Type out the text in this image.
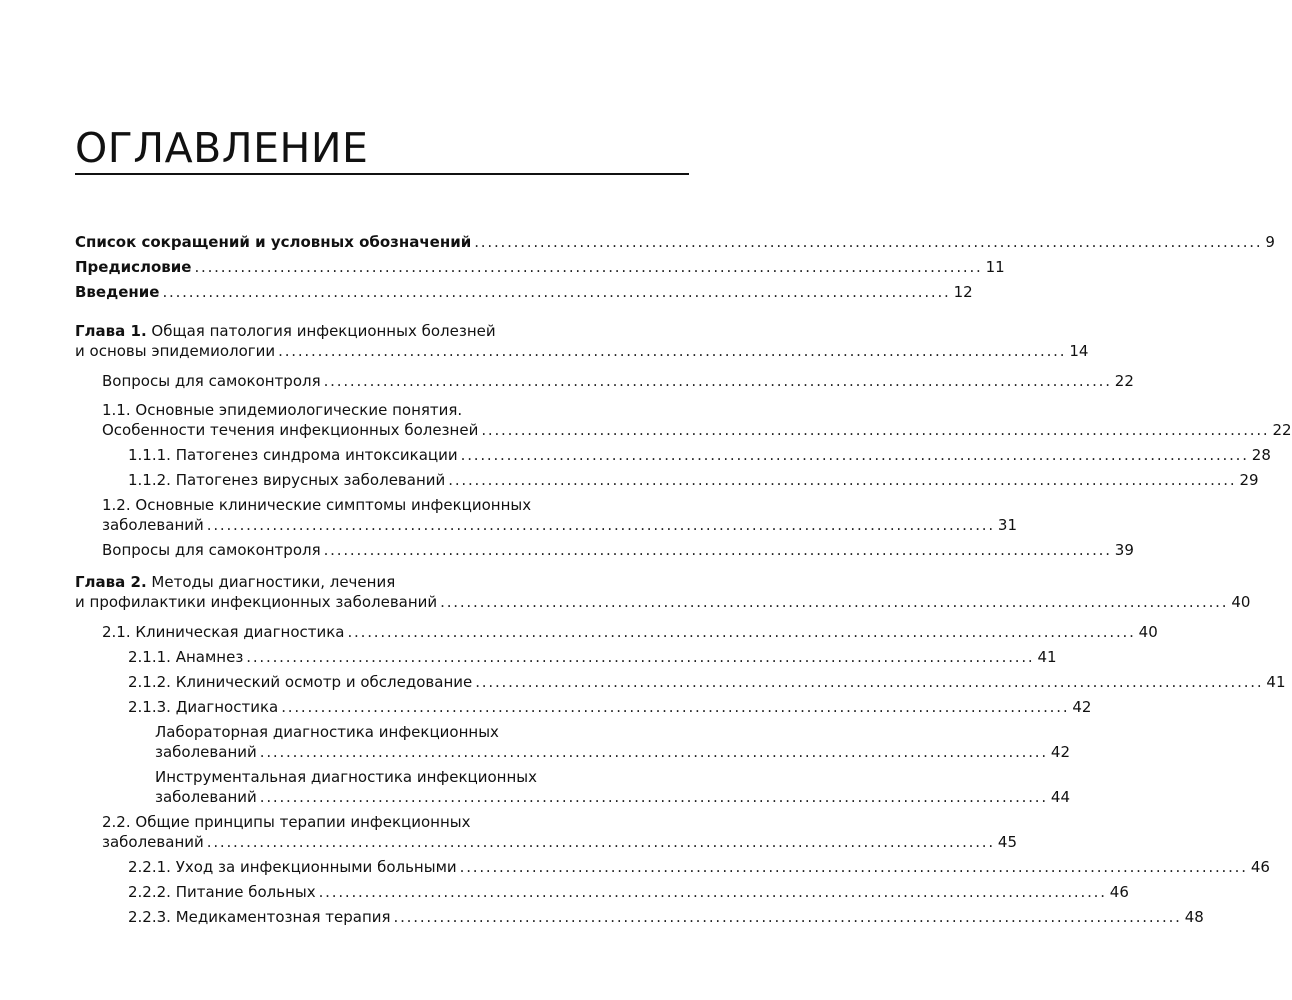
ОГЛАВЛЕНИЕ
Список сокращений и условных обозначений ........................................................................................................................ 9
Предисловие ........................................................................................................................ 11
Введение ........................................................................................................................ 12
Глава 1. Общая патология инфекционных болезней
и основы эпидемиологии ........................................................................................................................ 14
Вопросы для самоконтроля ........................................................................................................................ 22
1.1. Основные эпидемиологические понятия.
Особенности течения инфекционных болезней ........................................................................................................................ 22
1.1.1. Патогенез синдрома интоксикации ........................................................................................................................ 28
1.1.2. Патогенез вирусных заболеваний ........................................................................................................................ 29
1.2. Основные клинические симптомы инфекционных
заболеваний ........................................................................................................................ 31
Вопросы для самоконтроля ........................................................................................................................ 39
Глава 2. Методы диагностики, лечения
и профилактики инфекционных заболеваний ........................................................................................................................ 40
2.1. Клиническая диагностика ........................................................................................................................ 40
2.1.1. Анамнез ........................................................................................................................ 41
2.1.2. Клинический осмотр и обследование ........................................................................................................................ 41
2.1.3. Диагностика ........................................................................................................................ 42
Лабораторная диагностика инфекционных
заболеваний ........................................................................................................................ 42
Инструментальная диагностика инфекционных
заболеваний ........................................................................................................................ 44
2.2. Общие принципы терапии инфекционных
заболеваний ........................................................................................................................ 45
2.2.1. Уход за инфекционными больными ........................................................................................................................ 46
2.2.2. Питание больных ........................................................................................................................ 46
2.2.3. Медикаментозная терапия ........................................................................................................................ 48
